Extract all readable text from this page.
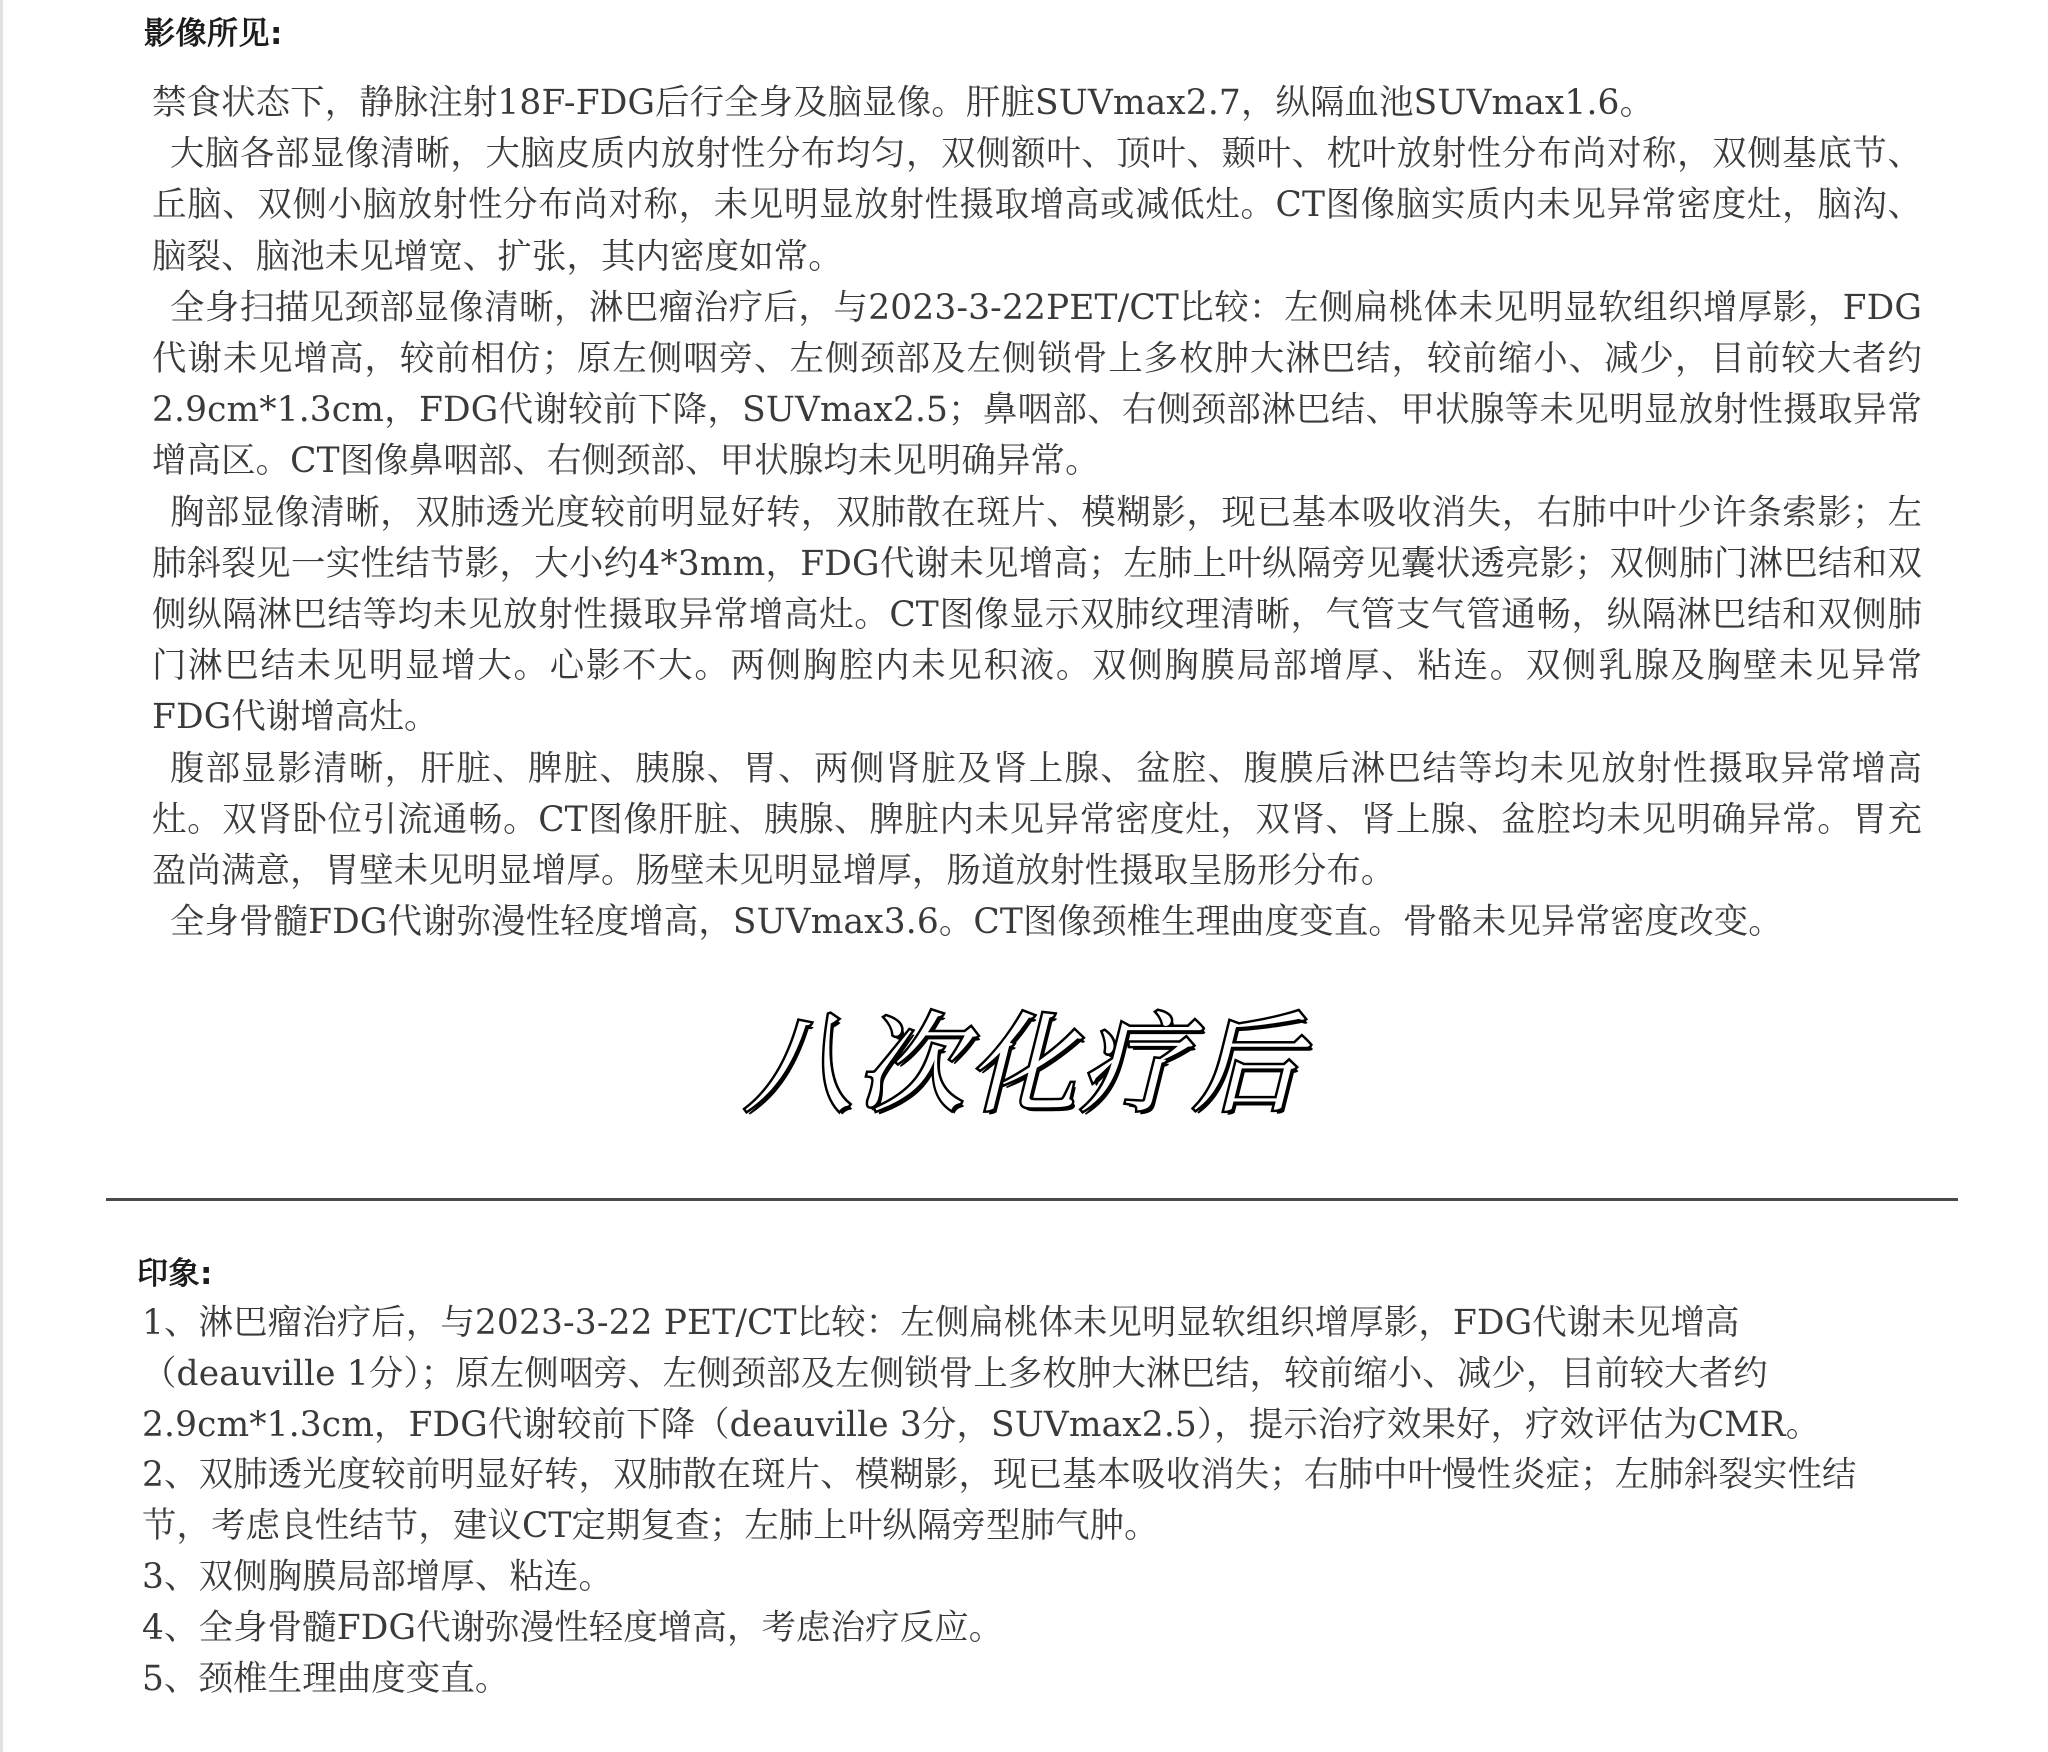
影像所见:

禁食状态下，静脉注射18F-FDG后行全身及脑显像。肝脏SUVmax2.7，纵隔血池SUVmax1.6。

大脑各部显像清晰，大脑皮质内放射性分布均匀，双侧额叶、顶叶、颞叶、枕叶放射性分布尚对称，双侧基底节、丘脑、双侧小脑放射性分布尚对称，未见明显放射性摄取增高或减低灶。CT图像脑实质内未见异常密度灶，脑沟、脑裂、脑池未见增宽、扩张，其内密度如常。

全身扫描见颈部显像清晰，淋巴瘤治疗后，与2023-3-22PET/CT比较：左侧扁桃体未见明显软组织增厚影，FDG代谢未见增高，较前相仿；原左侧咽旁、左侧颈部及左侧锁骨上多枚肿大淋巴结，较前缩小、减少，目前较大者约2.9cm*1.3cm，FDG代谢较前下降，SUVmax2.5；鼻咽部、右侧颈部淋巴结、甲状腺等未见明显放射性摄取异常增高区。CT图像鼻咽部、右侧颈部、甲状腺均未见明确异常。

胸部显像清晰，双肺透光度较前明显好转，双肺散在斑片、模糊影，现已基本吸收消失，右肺中叶少许条索影；左肺斜裂见一实性结节影，大小约4*3mm，FDG代谢未见增高；左肺上叶纵隔旁见囊状透亮影；双侧肺门淋巴结和双侧纵隔淋巴结等均未见放射性摄取异常增高灶。CT图像显示双肺纹理清晰，气管支气管通畅，纵隔淋巴结和双侧肺门淋巴结未见明显增大。心影不大。两侧胸腔内未见积液。双侧胸膜局部增厚、粘连。双侧乳腺及胸壁未见异常FDG代谢增高灶。

腹部显影清晰，肝脏、脾脏、胰腺、胃、两侧肾脏及肾上腺、盆腔、腹膜后淋巴结等均未见放射性摄取异常增高灶。双肾卧位引流通畅。CT图像肝脏、胰腺、脾脏内未见异常密度灶，双肾、肾上腺、盆腔均未见明确异常。胃充盈尚满意，胃壁未见明显增厚。肠壁未见明显增厚，肠道放射性摄取呈肠形分布。

全身骨髓FDG代谢弥漫性轻度增高，SUVmax3.6。CT图像颈椎生理曲度变直。骨骼未见异常密度改变。

八次化疗后
印象:

1、淋巴瘤治疗后，与2023-3-22 PET/CT比较：左侧扁桃体未见明显软组织增厚影，FDG代谢未见增高（deauville 1分）；原左侧咽旁、左侧颈部及左侧锁骨上多枚肿大淋巴结，较前缩小、减少，目前较大者约2.9cm*1.3cm，FDG代谢较前下降（deauville 3分，SUVmax2.5），提示治疗效果好，疗效评估为CMR。

2、双肺透光度较前明显好转，双肺散在斑片、模糊影，现已基本吸收消失；右肺中叶慢性炎症；左肺斜裂实性结节，考虑良性结节，建议CT定期复查；左肺上叶纵隔旁型肺气肿。

3、双侧胸膜局部增厚、粘连。

4、全身骨髓FDG代谢弥漫性轻度增高，考虑治疗反应。

5、颈椎生理曲度变直。
